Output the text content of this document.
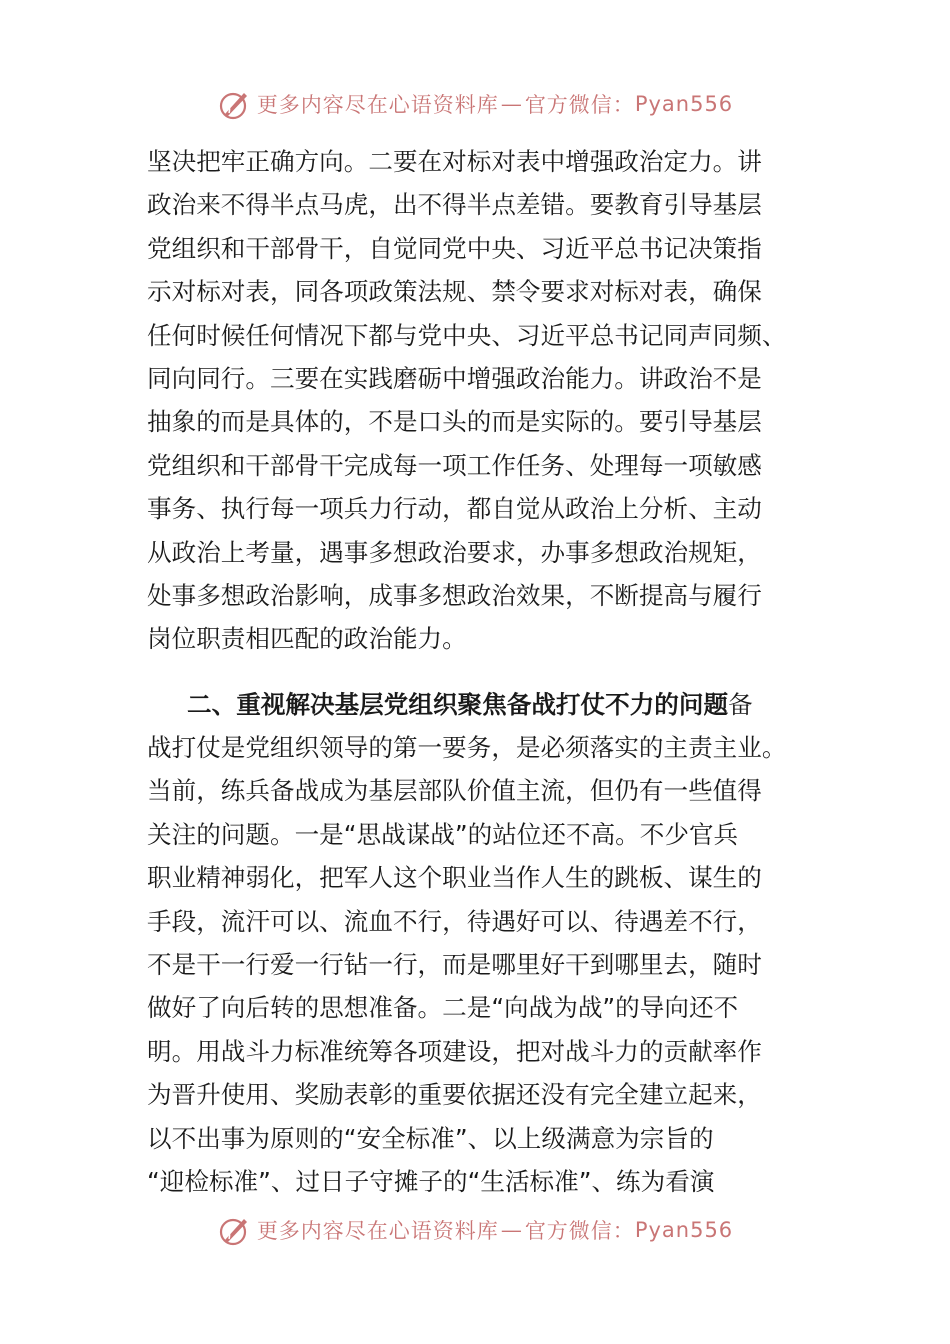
更多内容尽在心语资料库 — 官方微信： Pyan556
坚决把牢正确方向。二要在对标对表中增强政治定力。讲
政治来不得半点马虎，出不得半点差错。要教育引导基层
党组织和干部骨干，自觉同党中央、习近平总书记决策指
示对标对表，同各项政策法规、禁令要求对标对表，确保
任何时候任何情况下都与党中央、习近平总书记同声同频、
同向同行。三要在实践磨砺中增强政治能力。讲政治不是
抽象的而是具体的，不是口头的而是实际的。要引导基层
党组织和干部骨干完成每一项工作任务、处理每一项敏感
事务、执行每一项兵力行动，都自觉从政治上分析、主动
从政治上考量，遇事多想政治要求，办事多想政治规矩，
处事多想政治影响，成事多想政治效果，不断提高与履行
岗位职责相匹配的政治能力。
二、重视解决基层党组织聚焦备战打仗不力的问题备
战打仗是党组织领导的第一要务，是必须落实的主责主业。
当前，练兵备战成为基层部队价值主流，但仍有一些值得
关注的问题。一是“思战谋战”的站位还不高。不少官兵
职业精神弱化，把军人这个职业当作人生的跳板、谋生的
手段，流汗可以、流血不行，待遇好可以、待遇差不行，
不是干一行爱一行钻一行，而是哪里好干到哪里去，随时
做好了向后转的思想准备。二是“向战为战”的导向还不
明。用战斗力标准统筹各项建设，把对战斗力的贡献率作
为晋升使用、奖励表彰的重要依据还没有完全建立起来，
以不出事为原则的“安全标准”、以上级满意为宗旨的
“迎检标准”、过日子守摊子的“生活标准”、练为看演
更多内容尽在心语资料库 — 官方微信： Pyan556
